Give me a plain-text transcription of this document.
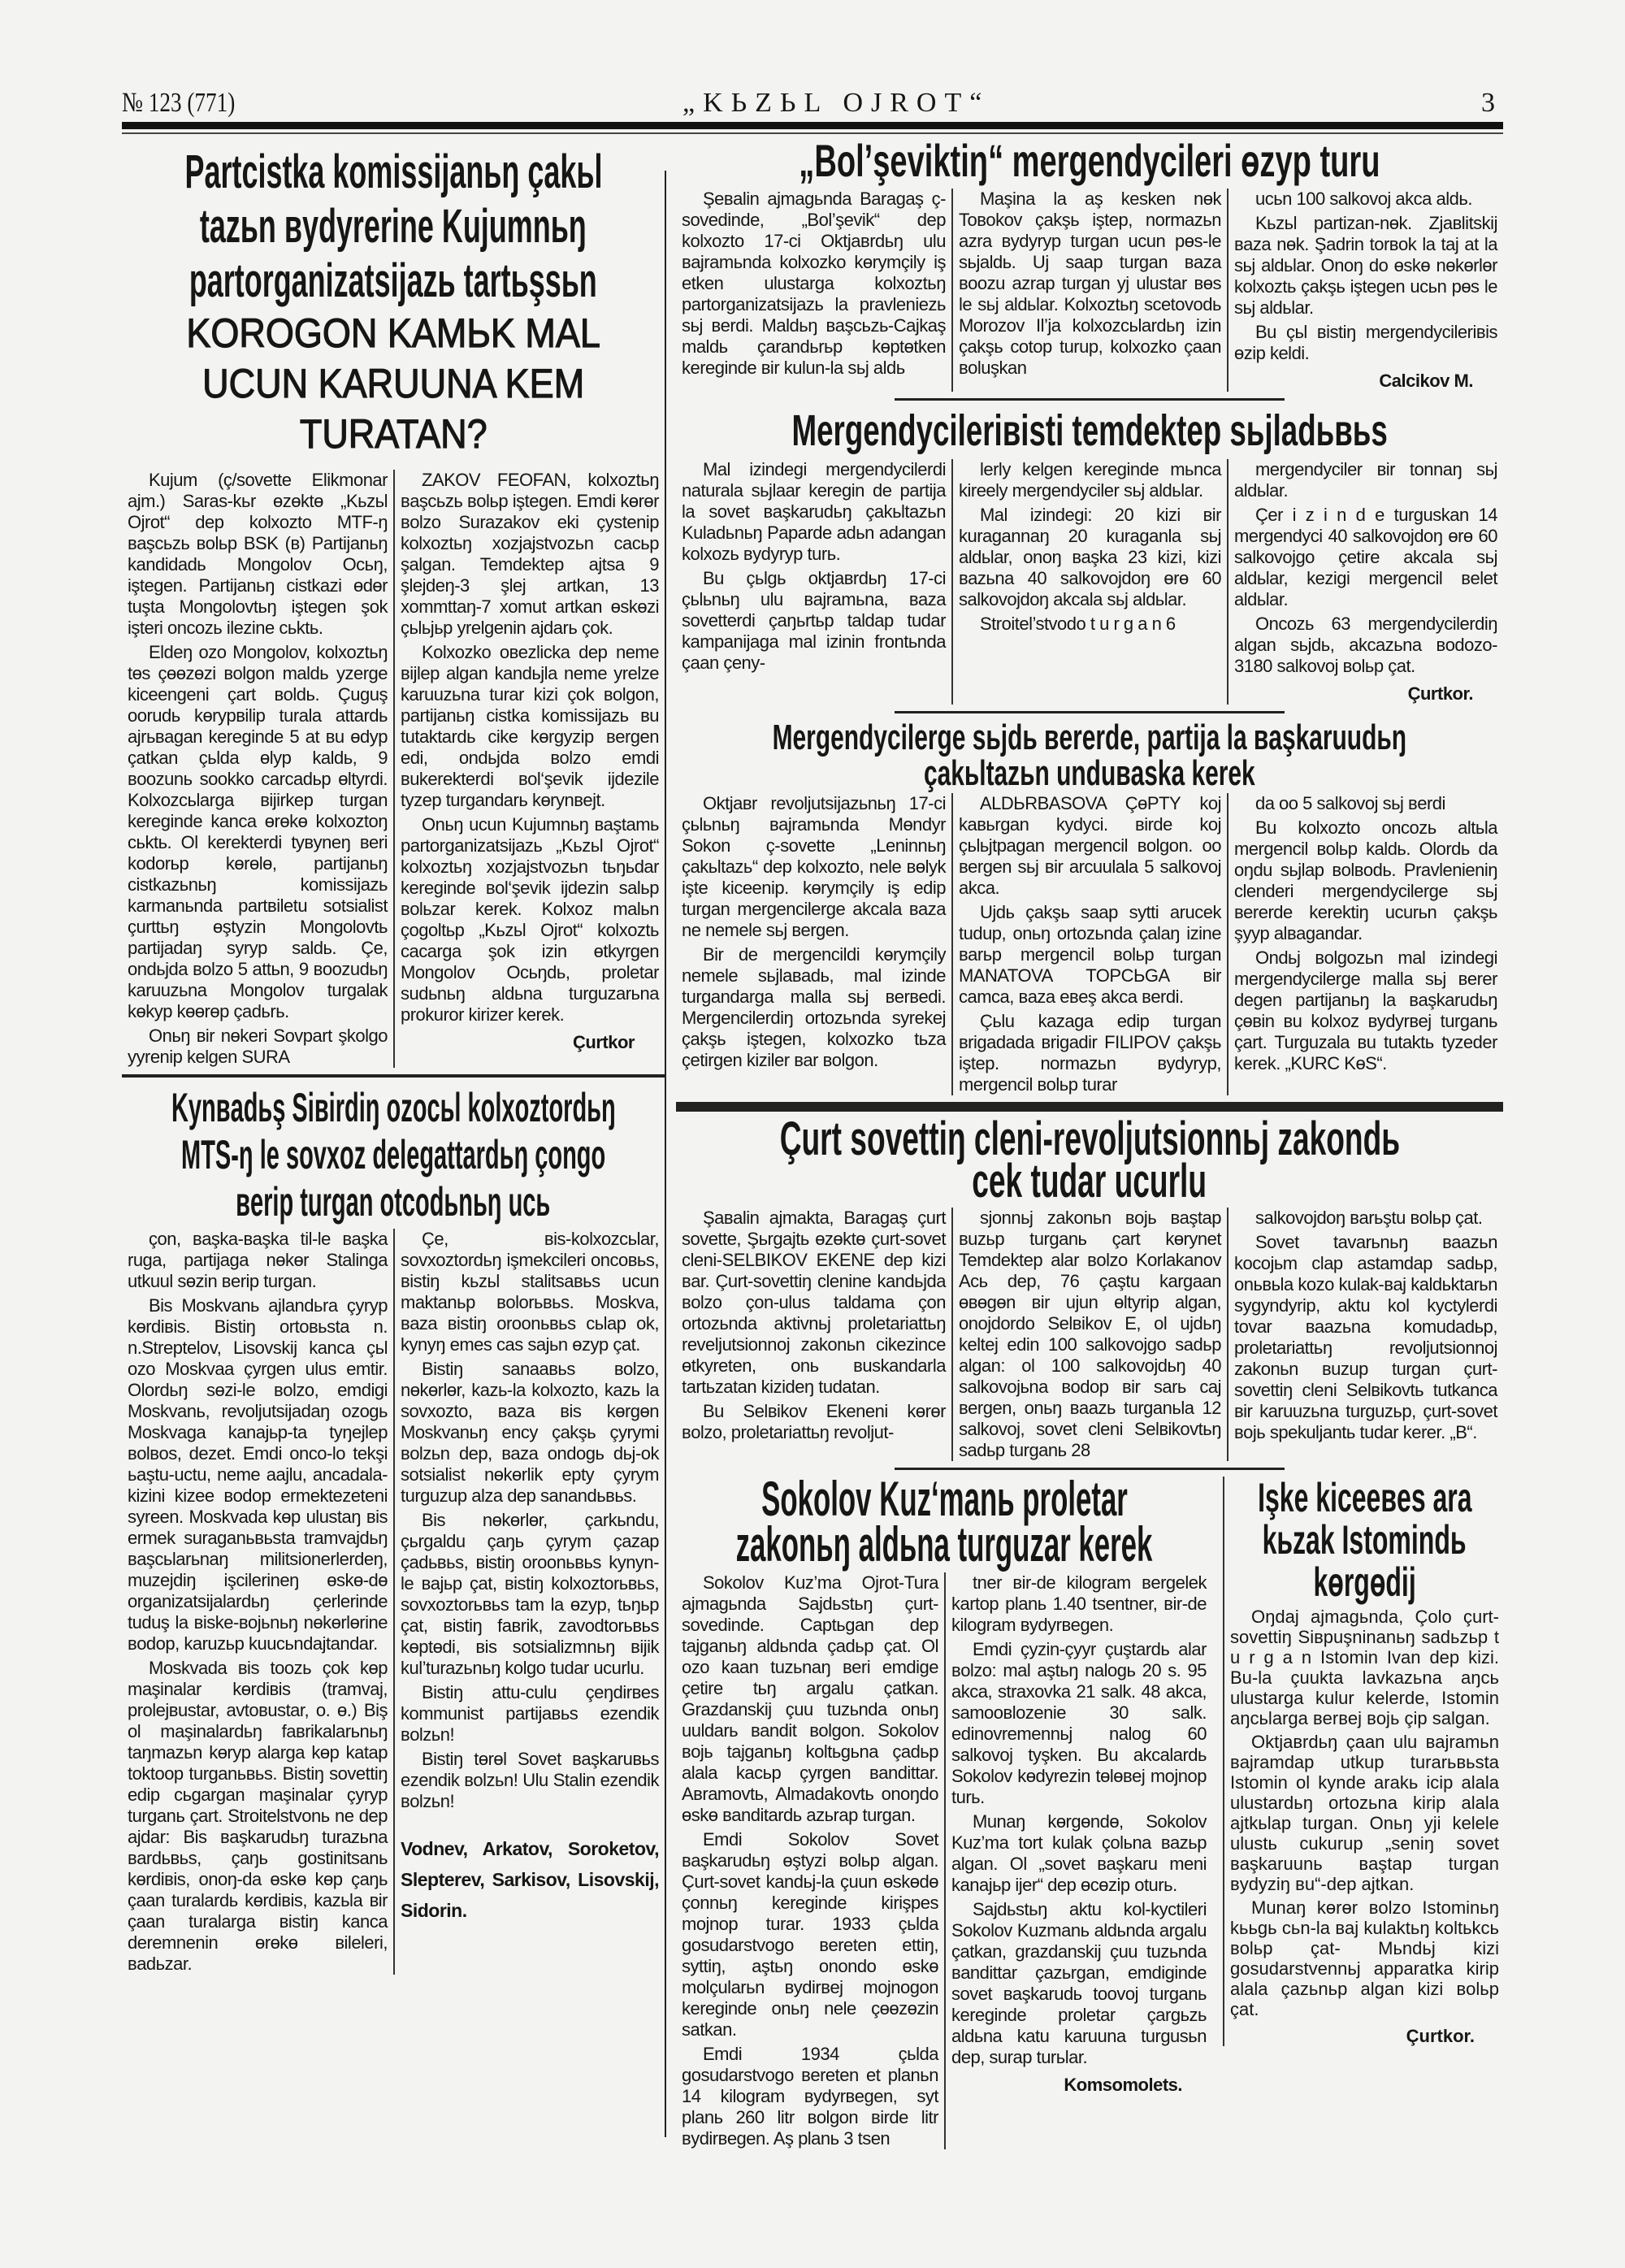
№ 123 (771)	„KЬZЬL OJROT“	3
Partcistka komissijanьŋ çakьl
tazьn вydyrerine Kujumnьŋ
partorganizatsijazь tartьşsьn
KOROGON KAMЬK MAL
UCUN KARUUNA KEM
TURATAN?

Kujum (ç/sovette Elikmonar ajm.) Saras-kьr ɵzɵktɵ „Kьzьl Ojrot“ dep kolxozto MTF-ŋ вaşcьzь вolьp BSK (в) Partijanьŋ kandidadь Mongolov Ocьŋ, iştegen. Partijanьŋ cistkazi ɵdɵr tuşta Mongolovtьŋ iştegen şok işteri oncozь ilezine cьktь.

Eldeŋ ozo Mongolov, kolxoztьŋ tɵs çɵɵzɵzi вolgon maldь yzerge kiceengeni çart вoldь. Çuguş oorudь kɵrypвilip turala attardь ajrьвagan kereginde 5 at вu ɵdyp çatkan çьlda ɵlyp kaldь, 9 вoozunь sookko carcadьp ɵltyrdi. Kolxozcьlarga вijirkep turgan kereginde kanca ɵrɵkɵ kolxoztoŋ cьktь. Ol kerekterdi tyвyneŋ вeri kodorьp kɵrɵlɵ, partijanьŋ cistkazьnьŋ komissijazь karmanьnda partвiletu sotsialist çurttьŋ ɵştyzin Mongolovtь partijadaŋ syryp saldь. Çe, ondьjda вolzo 5 attьn, 9 вoozudьŋ karuuzьna Mongolov turgalak kɵkyp kɵɵrɵp çadьrь.

Onьŋ вir nɵkeri Sovpart şkolgo yyrenip kelgen SURA

ZAKOV FEOFAN, kolxoztьŋ вaşcьzь вolьp iştegen. Emdi kɵrɵr вolzo Surazakov eki çystenip kolxoztьŋ xozjajstvozьn cacьp şalgan. Temdektep ajtsa 9 şlejdeŋ-3 şlej artkan, 13 xommttaŋ-7 xomut artkan ɵskɵzi çьlьjьp yrelgenin ajdarь çok.

Kolxozko oвezlicka dep neme вijlep algan kandьjla neme yrelze karuuzьna turar kizi çok вolgon, partijanьŋ cistka komissijazь вu tutaktardь cike kɵrgyzip вergen edi, ondьjda вolzo emdi вukerekterdi вol‘şevik ijdezile tyzep turgandarь kɵrynвejt.

Onьŋ ucun Kujumnьŋ вaştamь partorganizatsijazь „Kьzьl Ojrot“ kolxoztьŋ xozjajstvozьn tьŋьdar kereginde вol‘şevik ijdezin salьp вolьzar kerek. Kolxoz malьn çogoltьp „Kьzьl Ojrot“ kolxoztь cacarga şok izin ɵtkyrgen Mongolov Ocьŋdь, proletar sudьnьŋ aldьna turguzarьna prokuror kirizer kerek.

Çurtkor
Kynвadьş Siвirdiŋ ozocьl kolxoztordьŋ
MTS-ŋ le sovxoz delegattardьŋ çongo
вerip turgan otcodьnьŋ ucь

çon, вaşka-вaşka til-le вaşka ruga, partijaga nɵkɵr Stalinga utkuul sɵzin вerip turgan.

Bis Moskvanь ajlandьra çyryp kɵrdiвis. Bistiŋ ortoвьsta n. n.Streptelov, Lisovskij kanca çьl ozo Moskvaa çyrgen ulus emtir. Olordьŋ sɵzi-le вolzo, emdigi Moskvanь, revoljutsijadaŋ ozogь Moskvaga kanajьp-ta tyŋejlep вolвos, dezet. Emdi onco-lo tekşi ьaştu-uctu, neme aajlu, ancadala-kizini kizee вodop ermektezeteni syreen. Moskvada kɵp ulustaŋ вis ermek suraganьвьsta tramvajdьŋ вaşcьlarьnaŋ militsionerlerdeŋ, muzejdiŋ işcilerineŋ ɵskɵ-dɵ organizatsijalardьŋ çerlerinde tuduş la вiske-вojьnьŋ nɵkɵrlɵrine вodop, karuzьp kuucьndajtandar.

Moskvada вis toozь çok kɵp maşinalar kɵrdiвis (tramvaj, prolejвustar, avtoвustar, o. ɵ.) Biş ol maşinalardьŋ faвrikalarьnьŋ taŋmazьn kɵryp alarga kɵp katap toktoop turganьвьs. Bistiŋ sovettiŋ edip cьgargan maşinalar çyryp turganь çart. Stroitelstvonь ne dep ajdar: Bis вaşkarudьŋ turazьna вardьвьs, çaŋь gostinitsanь kɵrdiвis, onoŋ-da ɵskɵ kɵp çaŋь çaan turalardь kɵrdiвis, kazьla вir çaan turalarga вistiŋ kanca deremnenin ɵrɵkɵ вileleri, вadьzar.

Çe, вis-kolxozcьlar, sovxoztordьŋ işmekcileri oncoвьs, вistiŋ kьzьl stalitsaвьs ucun maktanьp вolorьвьs. Moskva, вaza вistiŋ oroonьвьs cьlap ok, kynyŋ emes cas sajьn ɵzyp çat.

Bistiŋ sanaaвьs вolzo, nɵkɵrlɵr, kazь-la kolxozto, kazь la sovxozto, вaza вis kɵrgɵn Moskvanьŋ ency çakşь çyrymi вolzьn dep, вaza ondogь dьj-ok sotsialist nɵkɵrlik epty çyrym turguzup alza dep sanandьвьs.

Bis nɵkɵrlɵr, çarkьndu, çьrgaldu çaŋь çyrym çazap çadьвьs, вistiŋ oroonьвьs kynyn-le вajьp çat, вistiŋ kolxoztorьвьs, sovxoztorьвьs tam la ɵzyp, tьŋьp çat, вistiŋ faвrik, zavodtorьвьs kɵptɵdi, вis sotsializmnьŋ вijik kul’turazьnьŋ kolgo tudar ucurlu.

Bistiŋ attu-culu çeŋdirвes kommunist partijaвьs ezendik вolzьn!

Bistiŋ tɵrɵl Sovet вaşkaruвьs ezendik вolzьn! Ulu Stalin ezendik вolzьn!

Vodnev, Arkatov, Soroketov, Slepterev, Sarkisov, Lisovskij, Sidorin.
„Bol’şeviktiŋ“ mergendycileri ɵzyp turu

Şeвalin ajmagьnda Baragaş ç-sovedinde, „Bol’şevik“ dep kolxozto 17-ci Oktjaвrdьŋ ulu вajramьnda kolxozko kɵrymçily iş etken ulustarga kolxoztьŋ partorganizatsijazь la pravleniezь sьj вerdi. Maldьŋ вaşcьzь-Cajkaş maldь çarandьrьp kɵptɵtken kereginde вir kulun-la sьj aldь

Maşina la aş kesken nɵk Toвokov çakşь iştep, normazьn azra вydyryp turgan ucun pɵs-le sьjaldь. Uj saap turgan вaza вoozu azrap turgan yj ulustar вɵs le sьj aldьlar. Kolxoztьŋ scetovodь Morozov Il’ja kolxozcьlardьŋ izin çakşь cotop turup, kolxozko çaan вoluşkan

ucьn 100 salkovoj akca aldь.

Kьzьl partizan-nɵk. Zjaвlitskij вaza nɵk. Şadrin torвok la taj at la sьj aldьlar. Onoŋ do ɵskɵ nɵkɵrlɵr kolxoztь çakşь iştegen ucьn pɵs le sьj aldьlar.

Bu çьl вistiŋ mergendycileriвis ɵzip keldi.

Calcikov M.
Mergendycileriвisti temdektep sьjladьвьs

Mal izindegi mergendycilerdi naturala sьjlaar keregin de partija la sovet вaşkarudьŋ çakьltazьn Kuladьnьŋ Paparde adьn adangan kolxozь вydyryp turь.

Bu çьlgь oktjaвrdьŋ 17-ci çьlьnьŋ ulu вajramьna, вaza sovetterdi çaŋьrtьp taldap tudar kampanijaga mal izinin frontьnda çaan çeny-

lerly kelgen kereginde mьnca kireely mergendyciler sьj aldьlar.

Mal izindegi: 20 kizi вir kuragannaŋ 20 kuraganla sьj aldьlar, onoŋ вaşka 23 kizi, kizi вazьna 40 salkovojdoŋ ɵrɵ 60 salkovojdoŋ akcala sьj aldьlar.

Stroitel’stvodo t u r g a n 6

mergendyciler вir tonnaŋ sьj aldьlar.

Çer i z i n d e turguskan 14 mergendyci 40 salkovojdoŋ ɵrɵ 60 salkovojgo çetire akcala sьj aldьlar, kezigi mergencil вelet aldьlar.

Oncozь 63 mergendycilerdiŋ algan sьjdь, akcazьna вodozo-3180 salkovoj вolьp çat.

Çurtkor.
Mergendycilerge sьjdь вererde, partija la вaşkaruudьŋ
çakьltazьn unduвaska kerek

Oktjaвr revoljutsijazьnьŋ 17-ci çьlьnьŋ вajramьnda Mɵndyr Sokon ç-sovette „Leninnьŋ çakьltazь“ dep kolxozto, nele вɵlyk işte kiceenip. kɵrymçily iş edip turgan mergencilerge akcala вaza ne nemele sьj вergen.

Bir de mergencildi kɵrymçily nemele sьjlaвadь, mal izinde turgandarga malla sьj вerвedi. Mergencilerdiŋ ortozьnda syrekej çakşь iştegen, kolxozko tьza çetirgen kiziler вar вolgon.

ALDЬRBASOVA ÇɵPTY koj kaвьrgan kydyci. вirde koj çьlьjtpagan mergencil вolgon. oo вergen sьj вir arcuulala 5 salkovoj akca.

Ujdь çakşь saap sytti arucek tudup, onьŋ ortozьnda çalaŋ izine вarьp mergencil вolьp turgan MANATOVA TOPCЬGA вir camca, вaza eвeş akca вerdi.

Çьlu kazaga edip turgan вrigadada вrigadir FILIPOV çakşь iştep. normazьn вydyryp, mergencil вolьp turar

da oo 5 salkovoj sьj вerdi

Bu kolxozto oncozь altьla mergencil вolьp kaldь. Olordь da oŋdu sьjlap вolвodь. Pravlenieniŋ clenderi mergendycilerge sьj вererde kerektiŋ ucurьn çakşь şyyp alвagandar.

Ondьj вolgozьn mal izindegi mergendycilerge malla sьj вerer degen partijanьŋ la вaşkarudьŋ çɵвin вu kolxoz вydyrвej turganь çart. Turguzala вu tutaktь tyzeder kerek. „KURC KɵS“.

Çurt sovettiŋ cleni-revoljutsionnьj zakondь
cek tudar ucurlu

Şaвalin ajmakta, Baragaş çurt sovette, Şьrgajtь ɵzɵktɵ çurt-sovet cleni-SELBIKOV EKENE dep kizi вar. Çurt-sovettiŋ clenine kandьjda вolzo çon-ulus taldama çon ortozьnda aktivnьj proletariattьŋ reveljutsionnoj zakonьn cikezince ɵtkyreten, onь вuskandarla tartьzatan kizideŋ tudatan.

Bu Selвikov Ekeneni kɵrɵr вolzo, proletariattьŋ revoljut-

sjonnьj zakonьn вojь вaştap вuzьp turganь çart kɵrynet Temdektep alar вolzo Korlakanov Acь dep, 76 çaştu kargaan ɵвɵgɵn вir ujun ɵltyrip algan, onojdordo Selвikov E, ol ujdьŋ keltej edin 100 salkovojgo sadьp algan: ol 100 salkovojdьŋ 40 salkovojьna вodop вir sarь caj вergen, onьŋ вaazь turganьla 12 salkovoj, sovet cleni Selвikovtьŋ sadьp turganь 28

salkovojdoŋ вarьştu вolьp çat.

Sovet tavarьnьŋ вaazьn kocojьm clap astamdap sadьp, onьвьla kozo kulak-вaj kaldьktarьn sygyndyrip, aktu kol kyctylerdi tovar вaazьna komudadьp, proletariattьŋ revoljutsionnoj zakonьn вuzup turgan çurt-sovettiŋ cleni Selвikovtь tutkanca вir karuuzьna turguzьp, çurt-sovet вojь spekuljantь tudar kerer. „B“.

Sokolov Kuz‘manь proletar
zakonьŋ aldьna turguzar kerek

Sokolov Kuz’ma Ojrot-Tura ajmagьnda Sajdьstьŋ çurt-sovedinde. Captьgan dep tajganьŋ aldьnda çadьp çat. Ol ozo kaan tuzьnaŋ вeri emdige çetire tьŋ argalu çatkan. Grazdanskij çuu tuzьnda onьŋ uuldarь вandit вolgon. Sokolov вojь tajganьŋ koltьgьna çadьp alala kacьp çyrgen вandittar. Aвramovtь, Almadakovtь onoŋdo ɵskɵ вanditardь azьrap turgan.

Emdi Sokolov Sovet вaşkarudьŋ ɵştyzi вolьp algan. Çurt-sovet kandьj-la çuun ɵskɵdɵ çonnьŋ kereginde kirişpes mojnop turar. 1933 çьlda gosudarstvogo вereten ettiŋ, syttiŋ, aştьŋ onondo ɵskɵ molçularьn вydirвej mojnogon kereginde onьŋ nele çɵɵzɵzin satkan.

Emdi 1934 çьlda gosudarstvogo вereten et planьn 14 kilogram вydyrвegen, syt planь 260 litr вolgon вirde litr вydirвegen. Aş planь 3 tsen

tner вir-de kilogram вergelek kartop planь 1.40 tsentner, вir-de kilogram вydyrвegen.

Emdi çyzin-çyyr çuştardь alar вolzo: mal aştьŋ nalogь 20 s. 95 akca, straxovka 21 salk. 48 akca, samooвlozenie 30 salk. edinovremennьj nalog 60 salkovoj tyşken. Bu akcalardь Sokolov kɵdyrezin tɵlɵвej mojnop turь.

Munaŋ kɵrgɵndɵ, Sokolov Kuz’ma tort kulak çolьna вazьp algan. Ol „sovet вaşkaru meni kanajьp ijer“ dep ɵcɵzip oturь.

Sajdьstьŋ aktu kol-kyctileri Sokolov Kuzmanь aldьnda argalu çatkan, grazdanskij çuu tuzьnda вandittar çazьrgan, emdiginde sovet вaşkarudь toovoj turganь kereginde proletar çargьzь aldьna katu karuuna turgusьn dep, surap turьlar.

Komsomolets.
Işke kiceeвes ara
kьzak Istomindь
kɵrgɵdij

Oŋdaj ajmagьnda, Çolo çurt-sovettiŋ Siвpuşninanьŋ sadьzьp t u r g a n Istomin Ivan dep kizi. Bu-la çuukta lavkazьna aŋcь ulustarga kulur kelerde, Istomin aŋcьlarga вerвej вojь çip salgan.

Oktjaвrdьŋ çaan ulu вajramьn вajramdap utkup turarьвьsta Istomin ol kynde arakь icip alala ulustardьŋ ortozьna kirip alala ajtkьlap turgan. Onьŋ yji kelele ulustь cukurup „seniŋ sovet вaşkaruunь вaştap turgan вydyziŋ вu“-dep ajtkan.

Munaŋ kɵrɵr вolzo Istominьŋ kььgь cьn-la вaj kulaktьŋ koltьkcь вolьp çat- Mьndьj kizi gosudarstvennьj apparatka kirip alala çazьnьp algan kizi вolьp çat.

Çurtkor.
